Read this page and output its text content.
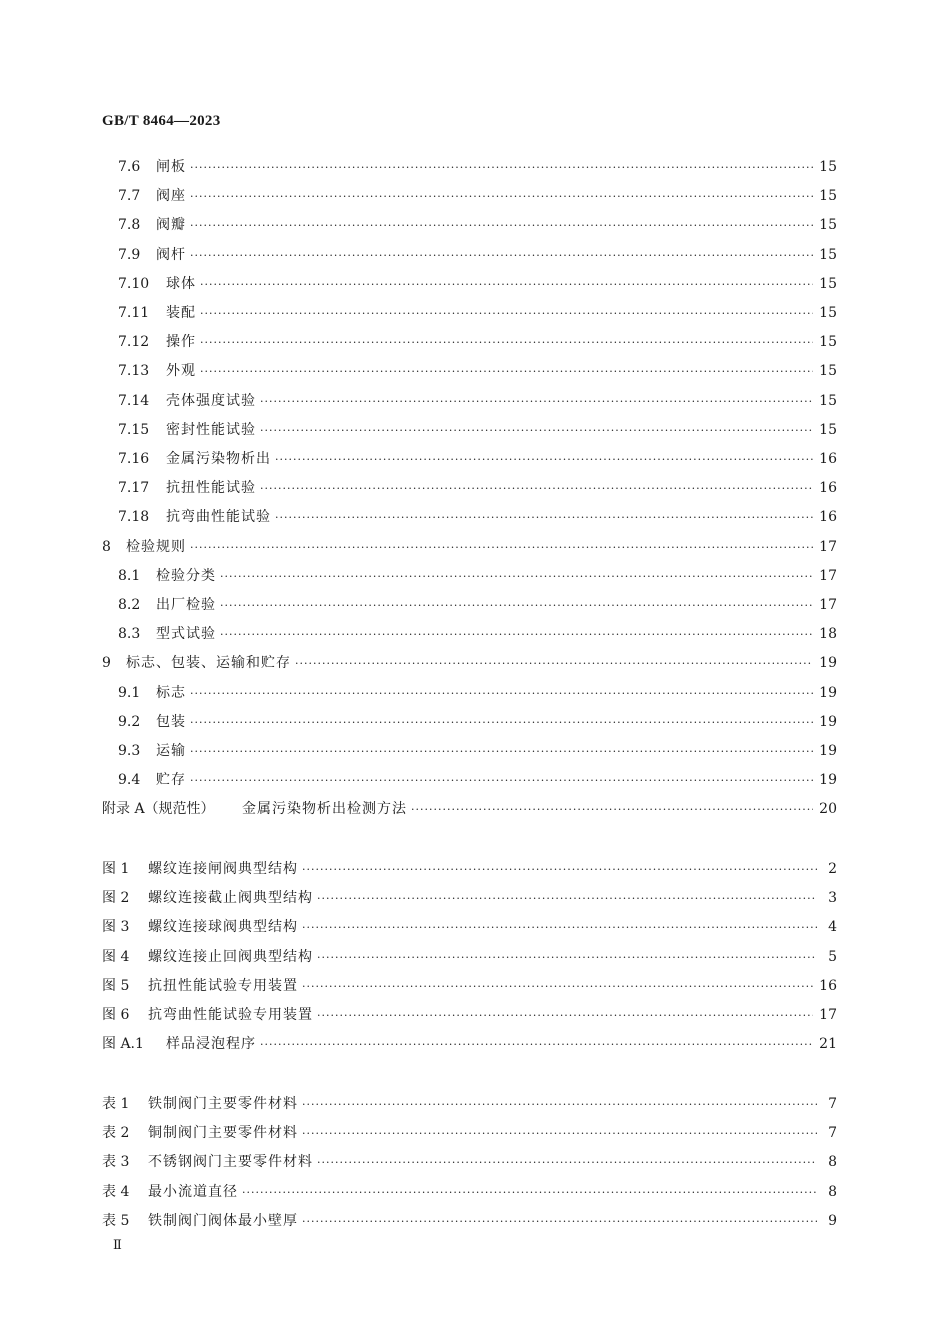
GB/T 8464—2023
7.6	闸板 ·····	15
7.7	阀座 ·····	15
7.8	阀瓣 ·····	15
7.9	阀杆 ·····	15
7.10	球体 ·····	15
7.11	装配 ·····	15
7.12	操作 ·····	15
7.13	外观 ·····	15
7.14	壳体强度试验 ·····	15
7.15	密封性能试验 ·····	15
7.16	金属污染物析出 ·····	16
7.17	抗扭性能试验 ·····	16
7.18	抗弯曲性能试验 ·····	16
8	检验规则 ·····	17
8.1	检验分类 ·····	17
8.2	出厂检验 ·····	17
8.3	型式试验 ·····	18
9	标志、包装、运输和贮存 ·····	19
9.1	标志 ·····	19
9.2	包装 ·····	19
9.3	运输 ·····	19
9.4	贮存 ·····	19
附录 A（规范性）	金属污染物析出检测方法 ·····	20
图 1	螺纹连接闸阀典型结构 ·····	2
图 2	螺纹连接截止阀典型结构 ·····	3
图 3	螺纹连接球阀典型结构 ·····	4
图 4	螺纹连接止回阀典型结构 ·····	5
图 5	抗扭性能试验专用装置 ·····	16
图 6	抗弯曲性能试验专用装置 ·····	17
图 A.1	样品浸泡程序 ·····	21
表 1	铁制阀门主要零件材料 ·····	7
表 2	铜制阀门主要零件材料 ·····	7
表 3	不锈钢阀门主要零件材料 ·····	8
表 4	最小流道直径 ·····	8
表 5	铁制阀门阀体最小壁厚 ·····	9
Ⅱ
